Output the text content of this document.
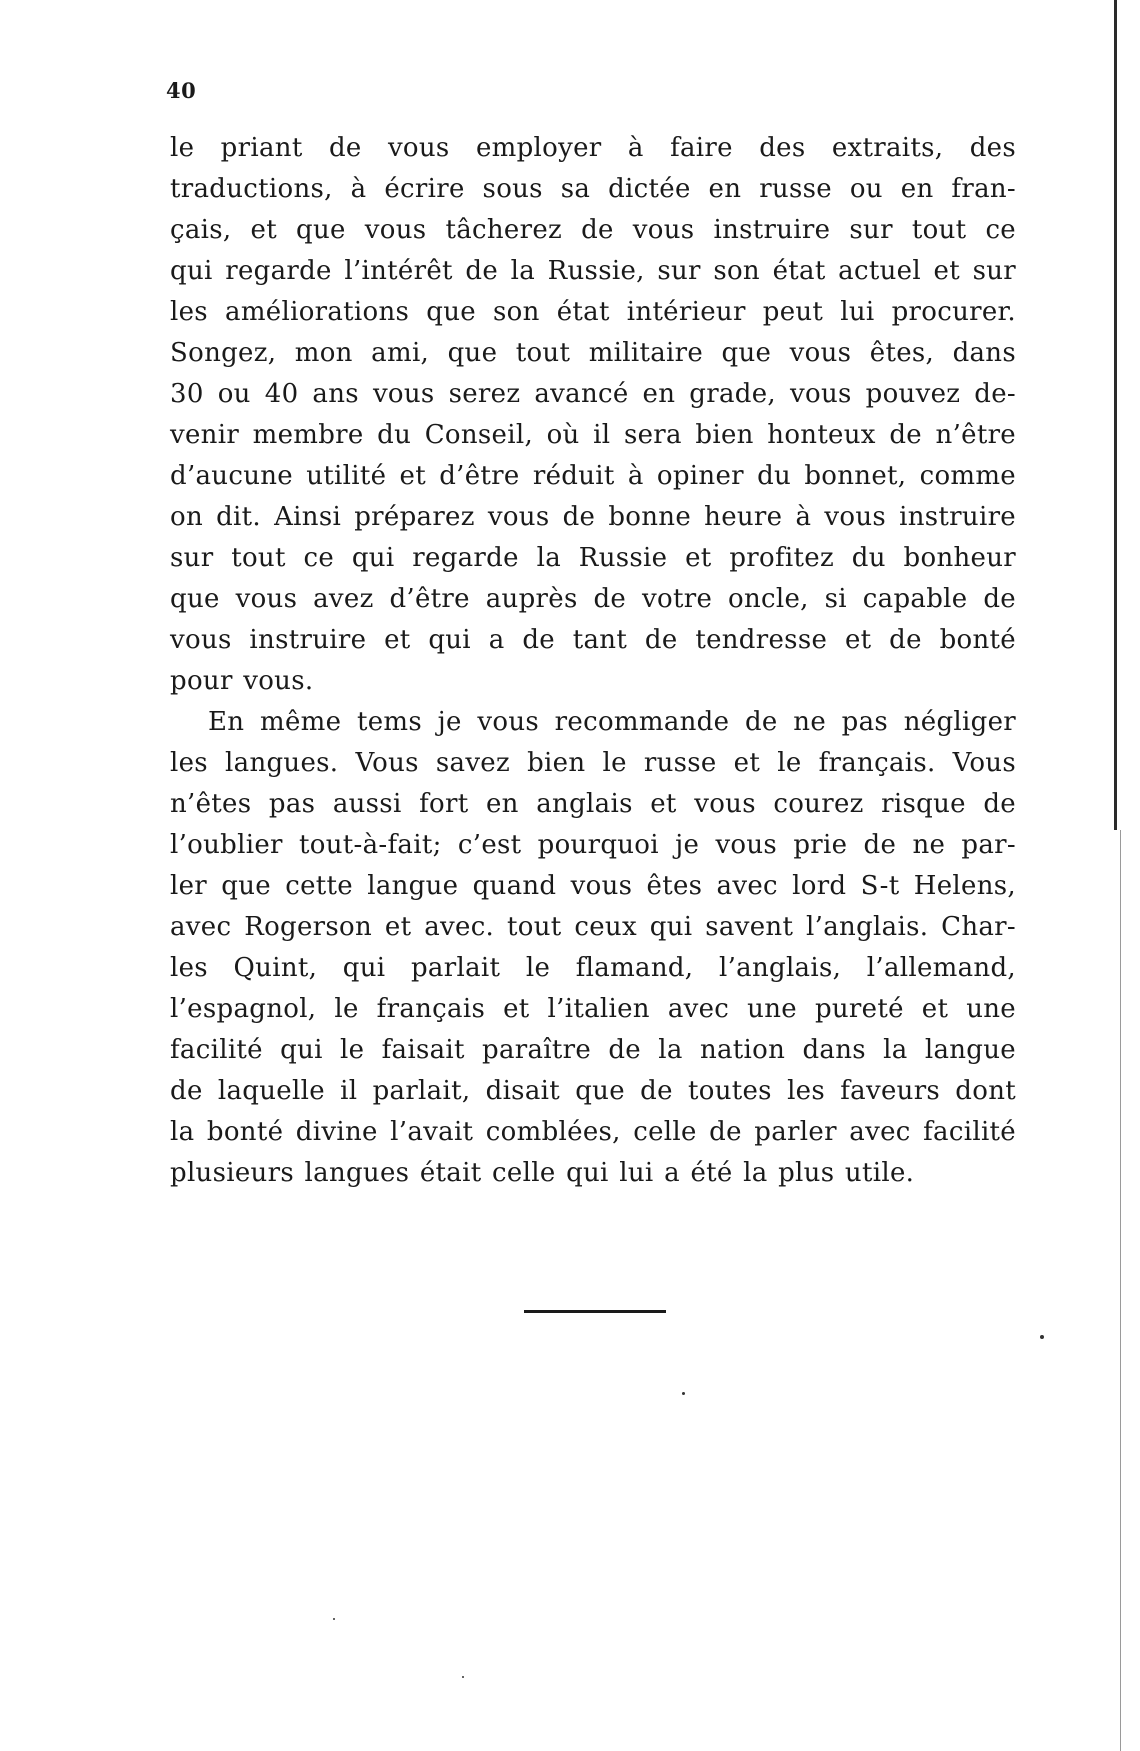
40
le priant de vous employer à faire des extraits, des
traductions, à écrire sous sa dictée en russe ou en fran-
çais, et que vous tâcherez de vous instruire sur tout ce
qui regarde l’intérêt de la Russie, sur son état actuel et sur
les améliorations que son état intérieur peut lui procurer.
Songez, mon ami, que tout militaire que vous êtes, dans
30 ou 40 ans vous serez avancé en grade, vous pouvez de-
venir membre du Conseil, où il sera bien honteux de n’être
d’aucune utilité et d’être réduit à opiner du bonnet, comme
on dit. Ainsi préparez vous de bonne heure à vous instruire
sur tout ce qui regarde la Russie et profitez du bonheur
que vous avez d’être auprès de votre oncle, si capable de
vous instruire et qui a de tant de tendresse et de bonté
pour vous.
En même tems je vous recommande de ne pas négliger
les langues. Vous savez bien le russe et le français. Vous
n’êtes pas aussi fort en anglais et vous courez risque de
l’oublier tout-à-fait; c’est pourquoi je vous prie de ne par-
ler que cette langue quand vous êtes avec lord S-t Helens,
avec Rogerson et avec. tout ceux qui savent l’anglais. Char-
les Quint, qui parlait le flamand, l’anglais, l’allemand,
l’espagnol, le français et l’italien avec une pureté et une
facilité qui le faisait paraître de la nation dans la langue
de laquelle il parlait, disait que de toutes les faveurs dont
la bonté divine l’avait comblées, celle de parler avec facilité
plusieurs langues était celle qui lui a été la plus utile.
